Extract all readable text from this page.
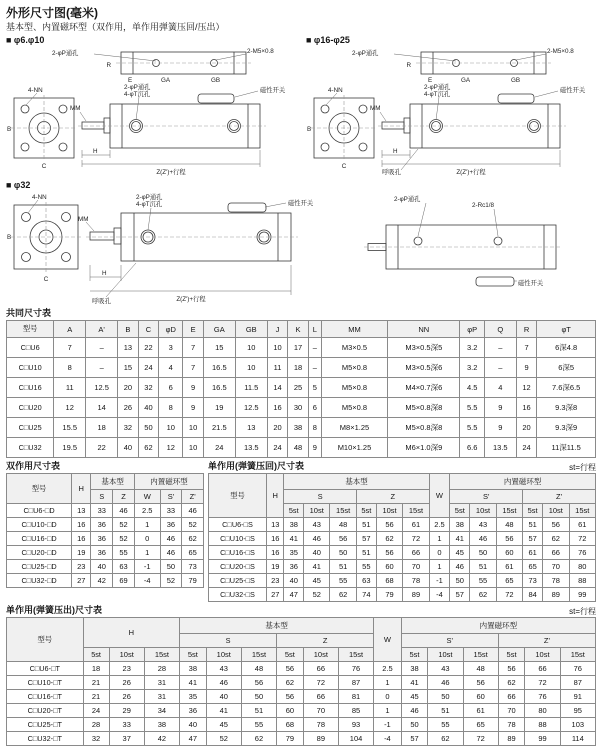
外形尺寸图(毫米)
基本型、内置磁环型（双作用，单作用弹簧压回/压出）
■ φ6.φ10
2-φP通孔	2-M5×0.8
R
E	GA	GB
4-NN
B
C
MM
2-φP通孔
4-φT沉孔
磁性开关
H
Z(Z')+行程
■ φ16-φ25
2-φP通孔	2-M5×0.8
R
E	GA	GB
4-NN
B
C
MM
2-φP通孔
4-φT沉孔
磁性开关
H
呼吸孔	Z(Z')+行程
■ φ32
4-NN
B
C
MM
2-φP通孔
4-φT沉孔	磁性开关
H
Z(Z')+行程
呼吸孔
2-φP通孔
2-Rc1/8
磁性开关
共同尺寸表
型号	A	A'	B	C	φD	E	GA	GB	J	K	L	MM	NN	φP	Q	R	φT
C□U6	7	–	13	22	3	7	15	10	10	17	–	M3×0.5	M3×0.5深5	3.2	–	7	6深4.8
C□U10	8	–	15	24	4	7	16.5	10	11	18	–	M5×0.8	M3×0.5深6	3.2	–	9	6深5
C□U16	11	12.5	20	32	6	9	16.5	11.5	14	25	5	M5×0.8	M4×0.7深6	4.5	4	12	7.6深6.5
C□U20	12	14	26	40	8	9	19	12.5	16	30	6	M5×0.8	M5×0.8深8	5.5	9	16	9.3深8
C□U25	15.5	18	32	50	10	10	21.5	13	20	38	8	M8×1.25	M5×0.8深8	5.5	9	20	9.3深9
C□U32	19.5	22	40	62	12	10	24	13.5	24	48	9	M10×1.25	M6×1.0深9	6.6	13.5	24	11深11.5
双作用尺寸表
型号	H	基本型		内置磁环型		
		S	Z	W	S'	Z'
C□U6-□D	13	33	46	2.5	33	46
C□U10-□D	16	36	52	1	36	52
C□U16-□D	16	36	52	0	46	62
C□U20-□D	19	36	55	1	46	65
C□U25-□D	23	40	63	-1	50	73
C□U32-□D	27	42	69	-4	52	79
单作用(弹簧压回)尺寸表	st=行程
型号	H	基本型						W	内置磁环型					
		S			Z				S'			Z'		
		5st	10st	15st	5st	10st	15st		5st	10st	15st	5st	10st	15st
C□U6-□S	13	38	43	48	51	56	61	2.5	38	43	48	51	56	61
C□U10-□S	16	41	46	56	57	62	72	1	41	46	56	57	62	72
C□U16-□S	16	35	40	50	51	56	66	0	45	50	60	61	66	76
C□U20-□S	19	36	41	51	55	60	70	1	46	51	61	65	70	80
C□U25-□S	23	40	45	55	63	68	78	-1	50	55	65	73	78	88
C□U32-□S	27	47	52	62	74	79	89	-4	57	62	72	84	89	99
单作用(弹簧压出)尺寸表	st=行程
型号	H			基本型						W	内置磁环型					
				S			Z				S'			Z'		
	5st	10st	15st	5st	10st	15st	5st	10st	15st		5st	10st	15st	5st	10st	15st
C□U6-□T	18	23	28	38	43	48	56	66	76	2.5	38	43	48	56	66	76
C□U10-□T	21	26	31	41	46	56	62	72	87	1	41	46	56	62	72	87
C□U16-□T	21	26	31	35	40	50	56	66	81	0	45	50	60	66	76	91
C□U20-□T	24	29	34	36	41	51	60	70	85	1	46	51	61	70	80	95
C□U25-□T	28	33	38	40	45	55	68	78	93	-1	50	55	65	78	88	103
C□U32-□T	32	37	42	47	52	62	79	89	104	-4	57	62	72	89	99	114
